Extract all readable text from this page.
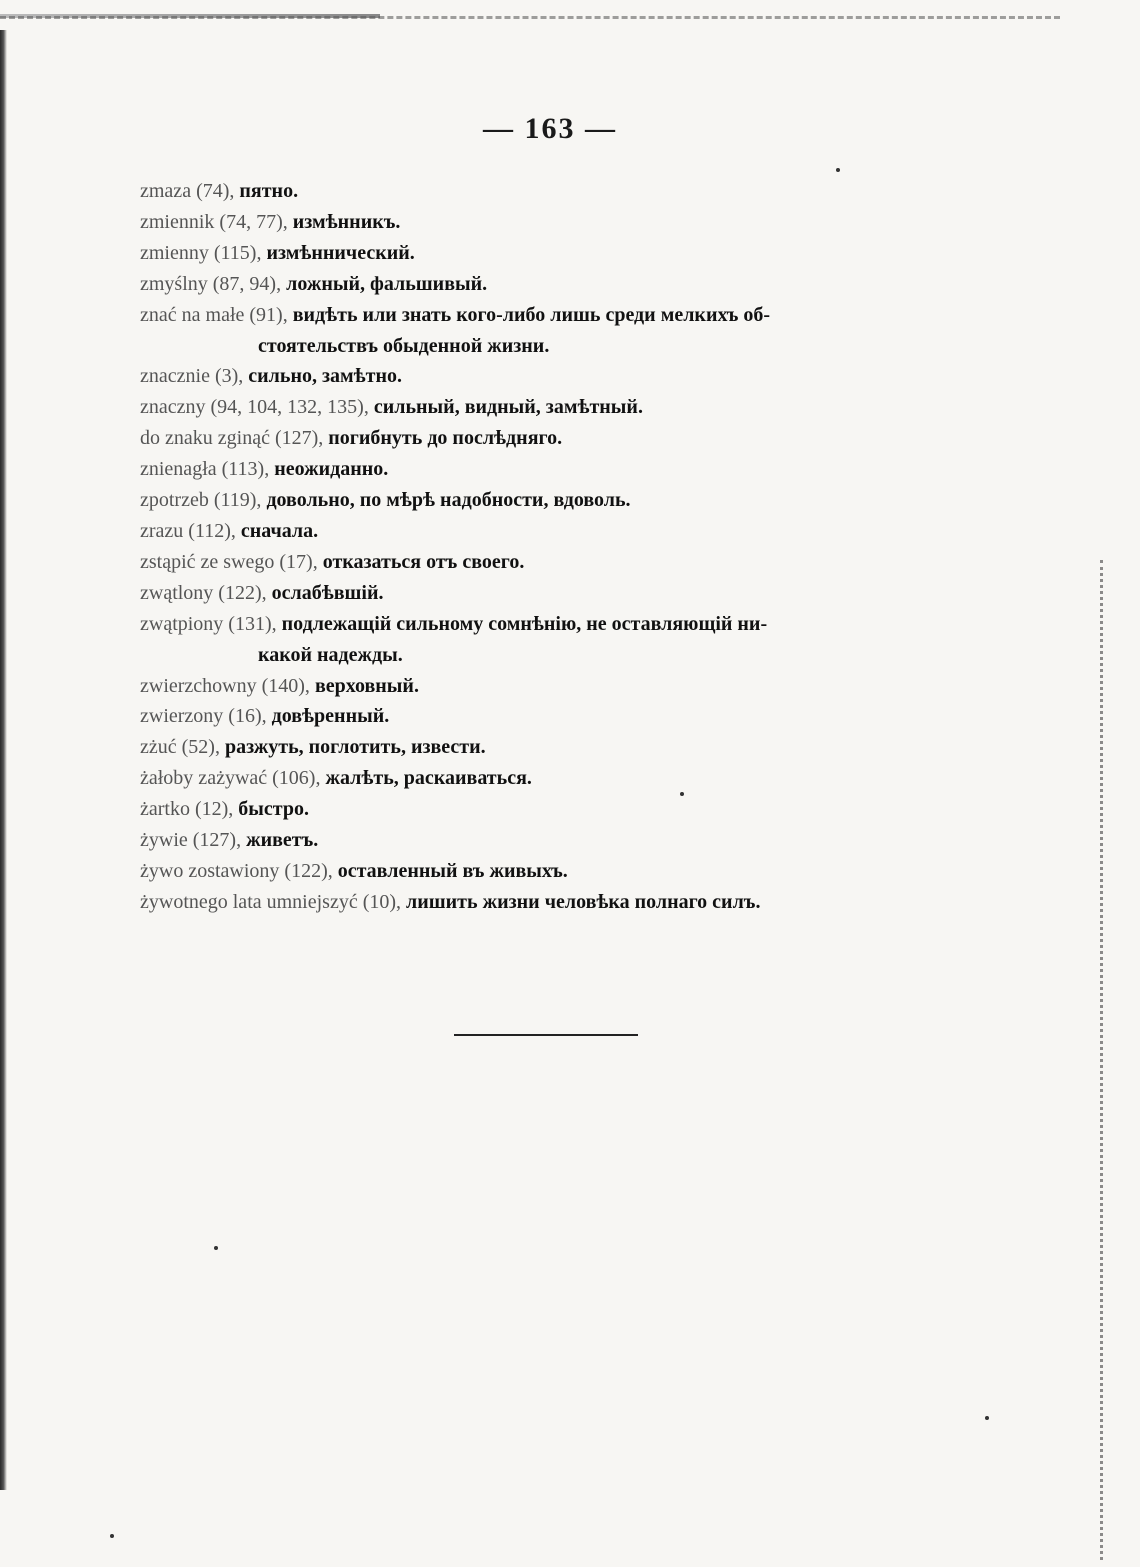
— 163 —
zmaza (74), пятно.
zmiennik (74, 77), измѣнникъ.
zmienny (115), измѣннический.
zmyślny (87, 94), ложный, фальшивый.
znać na małe (91), видѣть или знать кого-либо лишь среди мелкихъ об-
стоятельствъ обыденной жизни.
znacznie (3), сильно, замѣтно.
znaczny (94, 104, 132, 135), сильный, видный, замѣтный.
do znaku zginąć (127), погибнуть до послѣдняго.
znienagła (113), неожиданно.
zpotrzeb (119), довольно, по мѣрѣ надобности, вдоволь.
zrazu (112), сначала.
zstąpić ze swego (17), отказаться отъ своего.
zwątlony (122), ослабѣвшій.
zwątpiony (131), подлежащій сильному сомнѣнію, не оставляющій ни-
какой надежды.
zwierzchowny (140), верховный.
zwierzony (16), довѣренный.
zżuć (52), разжуть, поглотить, извести.
żałoby zażywać (106), жалѣть, раскаиваться.
żartko (12), быстро.
żywie (127), живетъ.
żywo zostawiony (122), оставленный въ живыхъ.
żywotnego lata umniejszyć (10), лишить жизни человѣка полнаго силъ.
